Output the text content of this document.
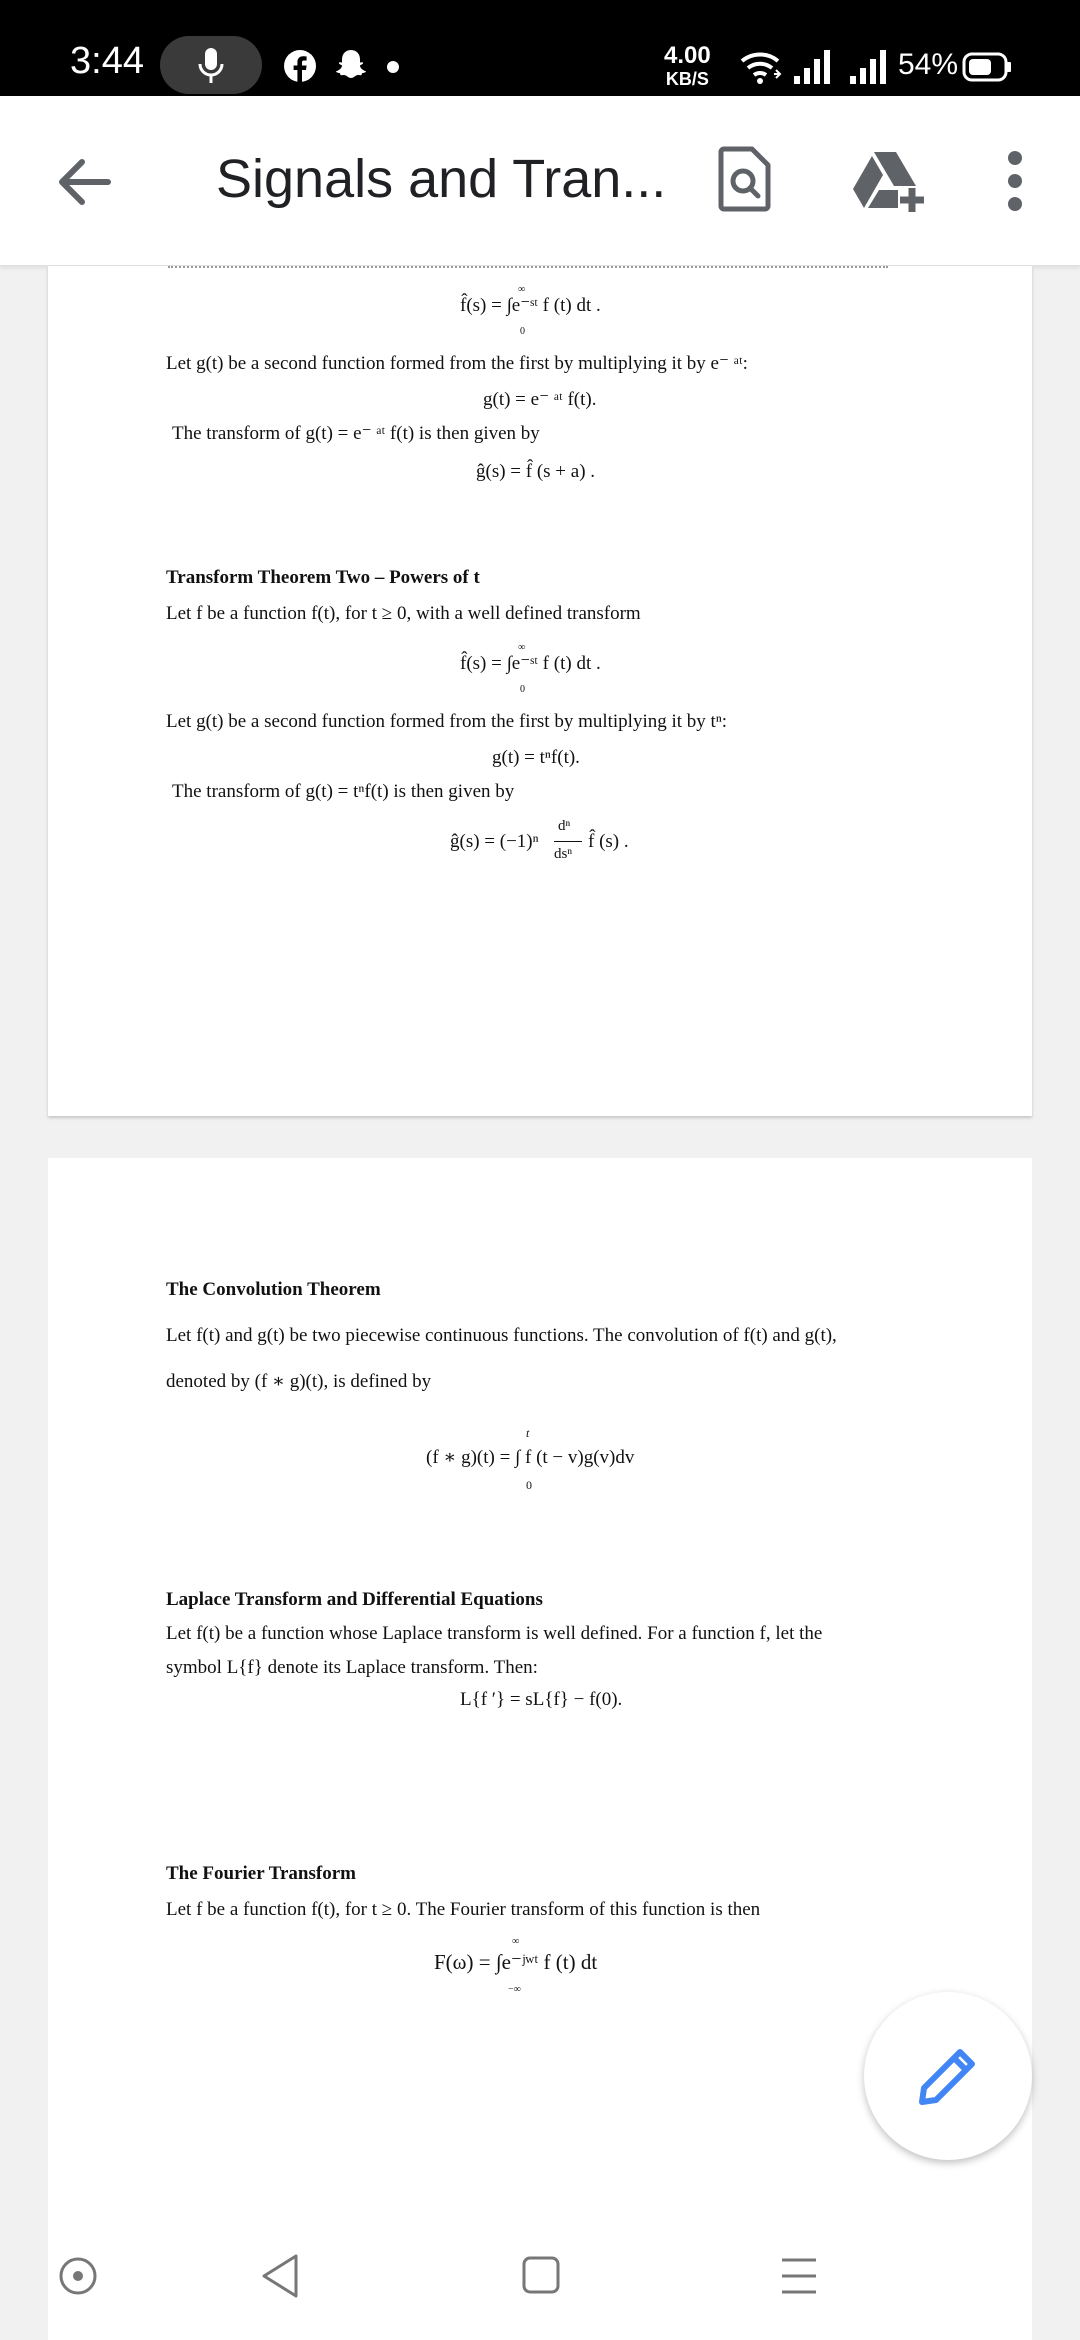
3:44	4.00
KB/S	54%
Signals and Tran...
∞
f̂(s) = ∫e⁻ˢᵗ f (t) dt .
0
Let g(t) be a second function formed from the first by multiplying it by e⁻ ᵃᵗ:
g(t) = e⁻ ᵃᵗ f(t).
The transform of g(t) = e⁻ ᵃᵗ f(t) is then given by
ĝ(s) = f̂ (s + a) .
Transform Theorem Two – Powers of t
Let f be a function f(t), for t ≥ 0, with a well defined transform
∞
f̂(s) = ∫e⁻ˢᵗ f (t) dt .
0
Let g(t) be a second function formed from the first by multiplying it by tⁿ:
g(t) = tⁿf(t).
The transform of g(t) = tⁿf(t) is then given by
ĝ(s) = (−1)ⁿ
dⁿ
dsⁿ
f̂ (s) .
The Convolution Theorem
Let f(t) and g(t) be two piecewise continuous functions. The convolution of f(t) and g(t),
denoted by (f ∗ g)(t), is defined by
t
(f ∗ g)(t) = ∫ f (t − v)g(v)dv
0
Laplace Transform and Differential Equations
Let f(t) be a function whose Laplace transform is well defined. For a function f, let the
symbol L{f} denote its Laplace transform. Then:
L{f ′} = sL{f} − f(0).
The Fourier Transform
Let f be a function f(t), for t ≥ 0. The Fourier transform of this function is then
∞
F(ω) = ∫e⁻ʲʷᵗ f (t) dt
−∞
